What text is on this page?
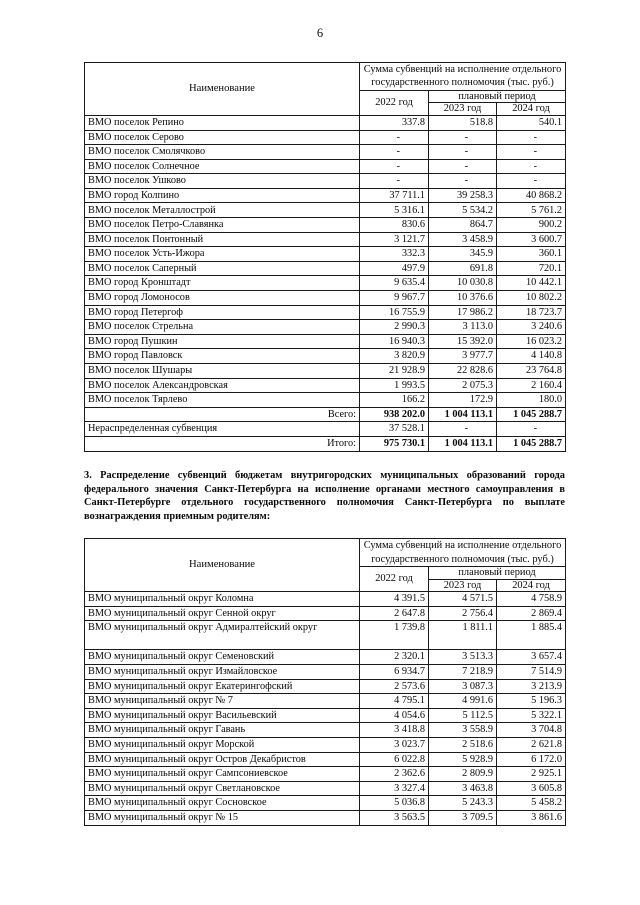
6
Наименование	Сумма субвенций на исполнение отдельного государственного полномочия (тыс. руб.)		
	2022 год	плановый период	
		2023 год	2024 год
ВМО поселок Репино	337.8	518.8	540.1
ВМО поселок Серово	-	-	-
ВМО поселок Смолячково	-	-	-
ВМО поселок Солнечное	-	-	-
ВМО поселок Ушково	-	-	-
ВМО город Колпино	37 711.1	39 258.3	40 868.2
ВМО поселок Металлострой	5 316.1	5 534.2	5 761.2
ВМО поселок Петро-Славянка	830.6	864.7	900.2
ВМО поселок Понтонный	3 121.7	3 458.9	3 600.7
ВМО поселок Усть-Ижора	332.3	345.9	360.1
ВМО поселок Саперный	497.9	691.8	720.1
ВМО город Кронштадт	9 635.4	10 030.8	10 442.1
ВМО город Ломоносов	9 967.7	10 376.6	10 802.2
ВМО город Петергоф	16 755.9	17 986.2	18 723.7
ВМО поселок Стрельна	2 990.3	3 113.0	3 240.6
ВМО город Пушкин	16 940.3	15 392.0	16 023.2
ВМО город Павловск	3 820.9	3 977.7	4 140.8
ВМО поселок Шушары	21 928.9	22 828.6	23 764.8
ВМО поселок Александровская	1 993.5	2 075.3	2 160.4
ВМО поселок Тярлево	166.2	172.9	180.0
Всего:	938 202.0	1 004 113.1	1 045 288.7
Нераспределенная субвенция	37 528.1	-	-
Итого:	975 730.1	1 004 113.1	1 045 288.7
3. Распределение субвенций бюджетам внутригородских муниципальных образований города федерального значения Санкт-Петербурга на исполнение органами местного самоуправления в Санкт-Петербурге отдельного государственного полномочия Санкт-Петербурга по выплате вознаграждения приемным родителям:
Наименование	Сумма субвенций на исполнение отдельного государственного полномочия (тыс. руб.)		
	2022 год	плановый период	
		2023 год	2024 год
ВМО муниципальный округ Коломна	4 391.5	4 571.5	4 758.9
ВМО муниципальный округ Сенной округ	2 647.8	2 756.4	2 869.4
ВМО муниципальный округ Адмиралтейский округ	1 739.8	1 811.1	1 885.4
ВМО муниципальный округ Семеновский	2 320.1	3 513.3	3 657.4
ВМО муниципальный округ Измайловское	6 934.7	7 218.9	7 514.9
ВМО муниципальный округ Екатерингофский	2 573.6	3 087.3	3 213.9
ВМО муниципальный округ № 7	4 795.1	4 991.6	5 196.3
ВМО муниципальный округ Васильевский	4 054.6	5 112.5	5 322.1
ВМО муниципальный округ Гавань	3 418.8	3 558.9	3 704.8
ВМО муниципальный округ Морской	3 023.7	2 518.6	2 621.8
ВМО муниципальный округ Остров Декабристов	6 022.8	5 928.9	6 172.0
ВМО муниципальный округ Сампсониевское	2 362.6	2 809.9	2 925.1
ВМО муниципальный округ Светлановское	3 327.4	3 463.8	3 605.8
ВМО муниципальный округ Сосновское	5 036.8	5 243.3	5 458.2
ВМО муниципальный округ № 15	3 563.5	3 709.5	3 861.6
